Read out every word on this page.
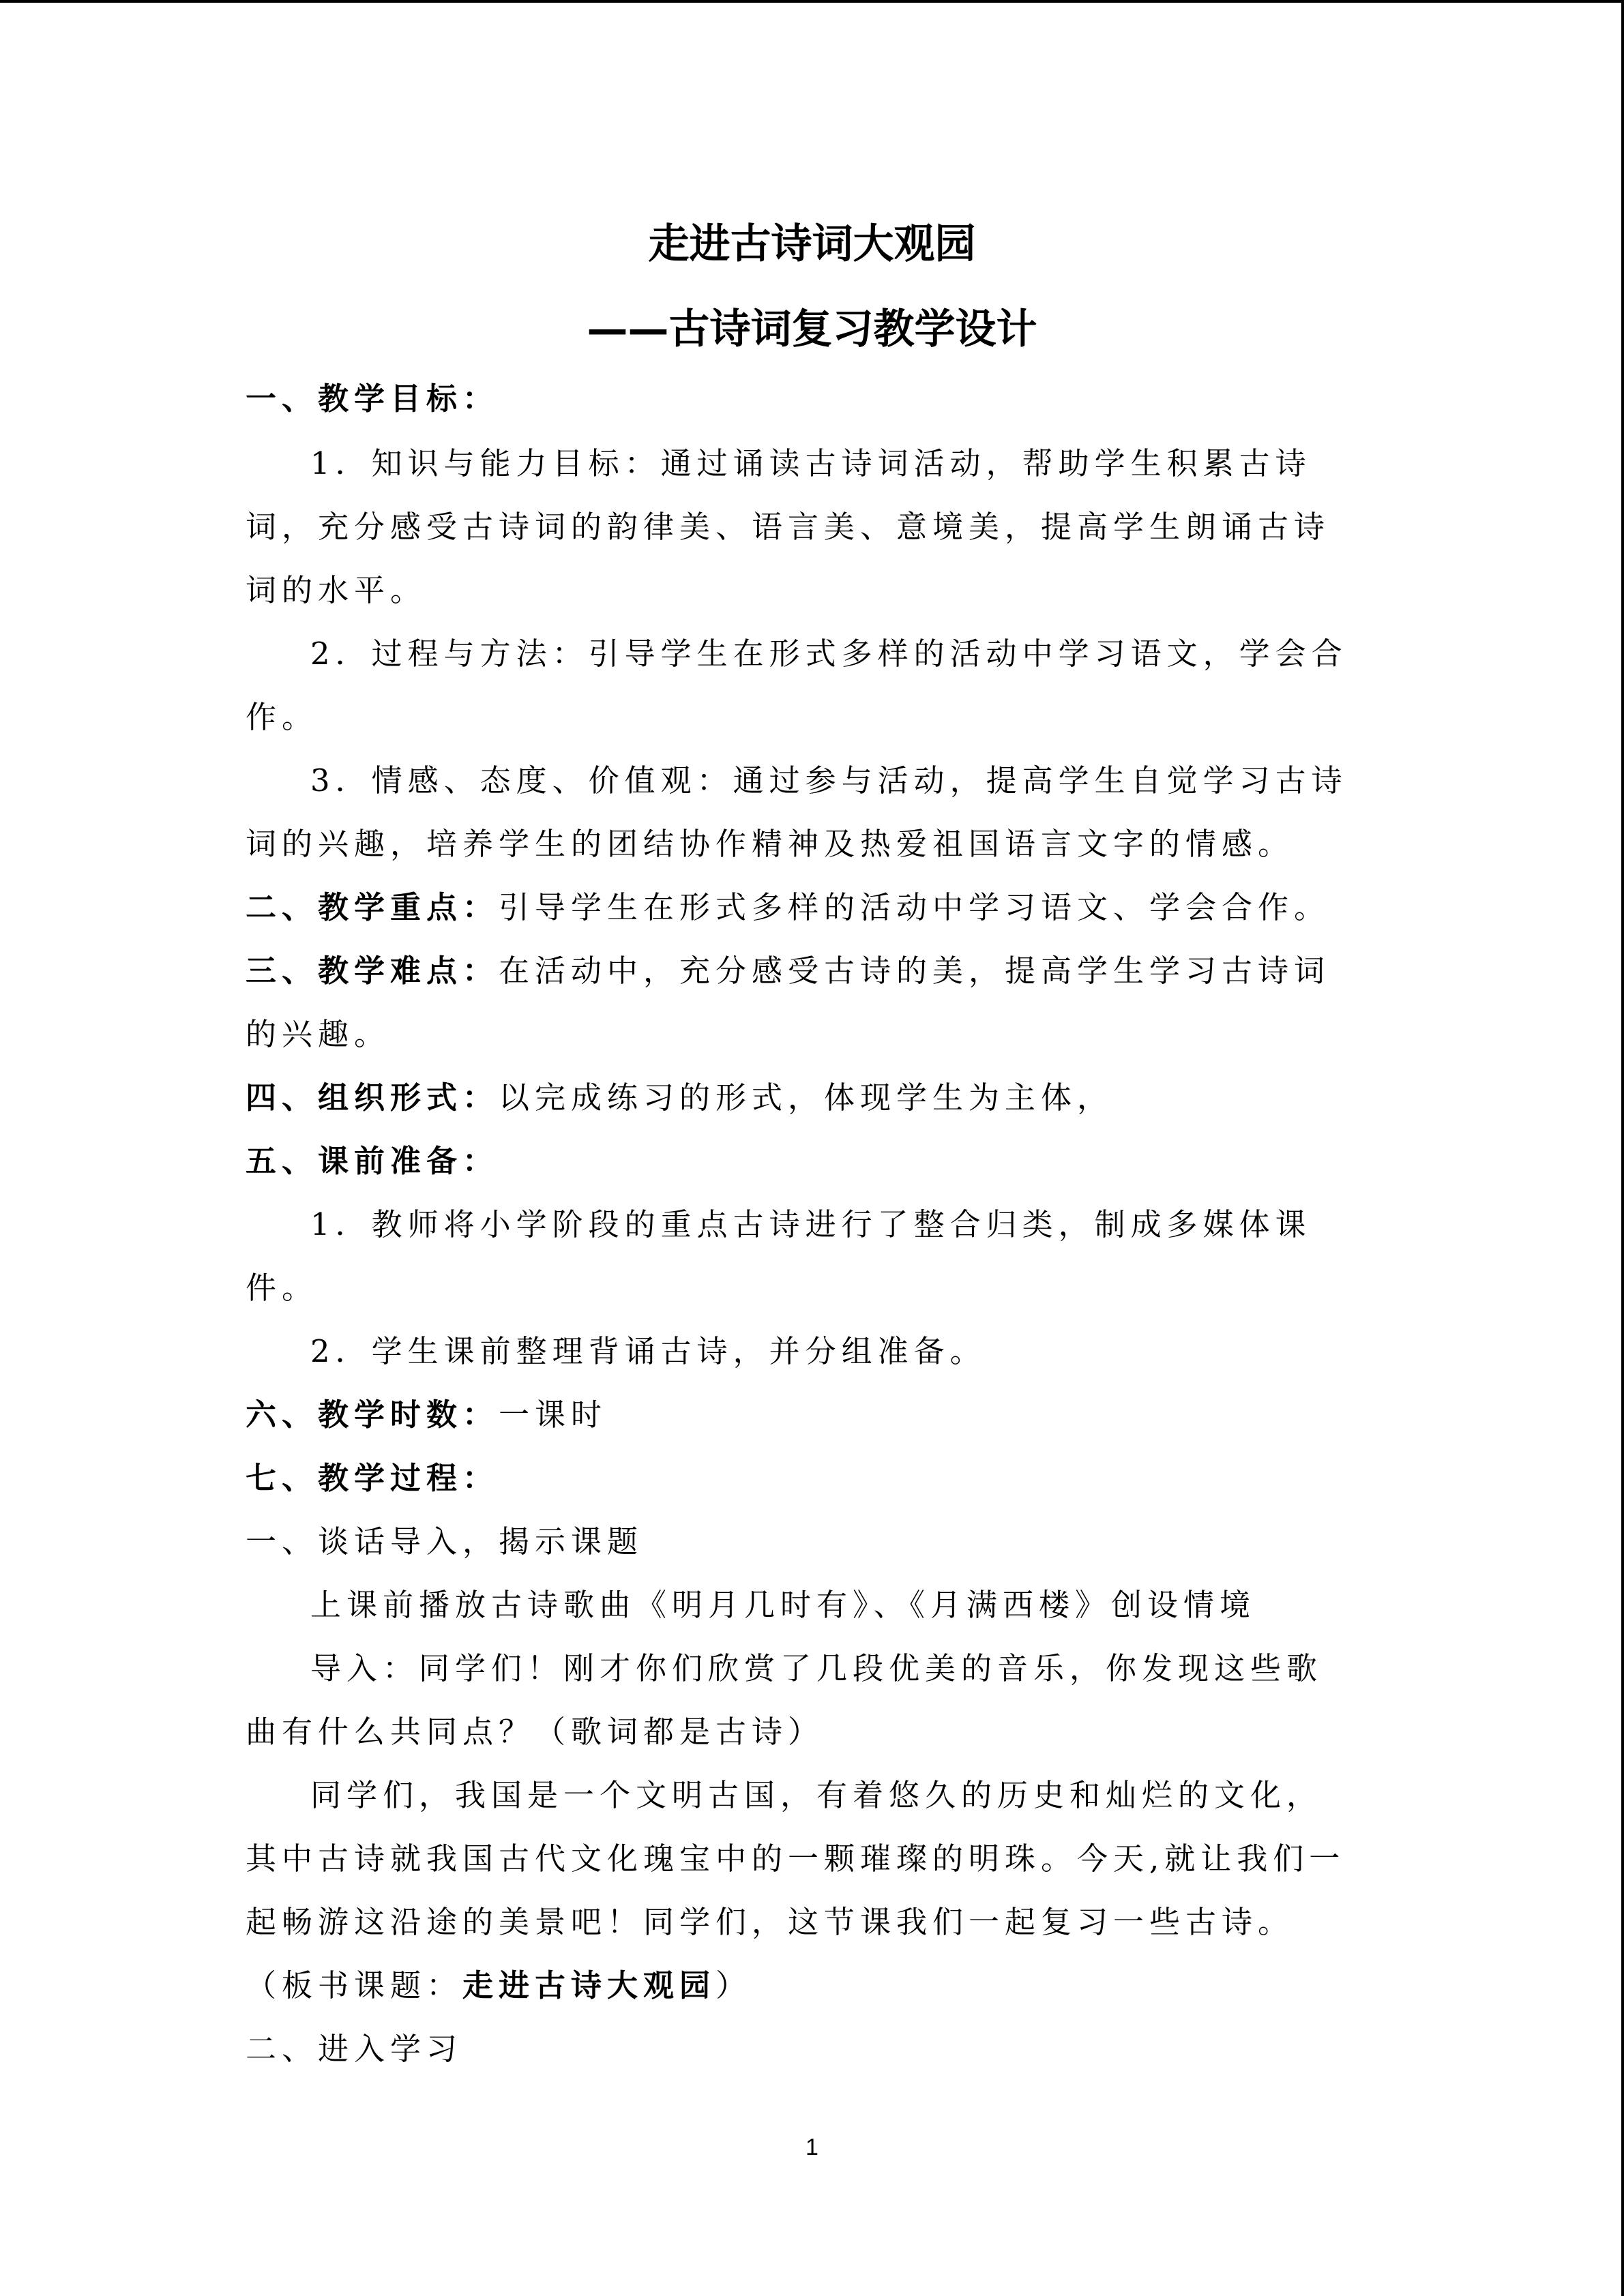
走进古诗词大观园
——古诗词复习教学设计
一、教学目标：
1．知识与能力目标：通过诵读古诗词活动，帮助学生积累古诗
词，充分感受古诗词的韵律美、语言美、意境美，提高学生朗诵古诗
词的水平。
2．过程与方法：引导学生在形式多样的活动中学习语文，学会合
作。
3．情感、态度、价值观：通过参与活动，提高学生自觉学习古诗
词的兴趣，培养学生的团结协作精神及热爱祖国语言文字的情感。
二、教学重点：引导学生在形式多样的活动中学习语文、学会合作。
三、教学难点：在活动中，充分感受古诗的美，提高学生学习古诗词
的兴趣。
四、组织形式：以完成练习的形式，体现学生为主体，
五、课前准备：
1．教师将小学阶段的重点古诗进行了整合归类，制成多媒体课
件。
2．学生课前整理背诵古诗，并分组准备。
六、教学时数：一课时
七、教学过程：
一、谈话导入，揭示课题
上课前播放古诗歌曲《明月几时有》、《月满西楼》创设情境
导入：同学们！刚才你们欣赏了几段优美的音乐，你发现这些歌
曲有什么共同点？（歌词都是古诗）
同学们，我国是一个文明古国，有着悠久的历史和灿烂的文化，
其中古诗就我国古代文化瑰宝中的一颗璀璨的明珠。今天,就让我们一
起畅游这沿途的美景吧！同学们，这节课我们一起复习一些古诗。
（板书课题：走进古诗大观园）
二、进入学习
1
